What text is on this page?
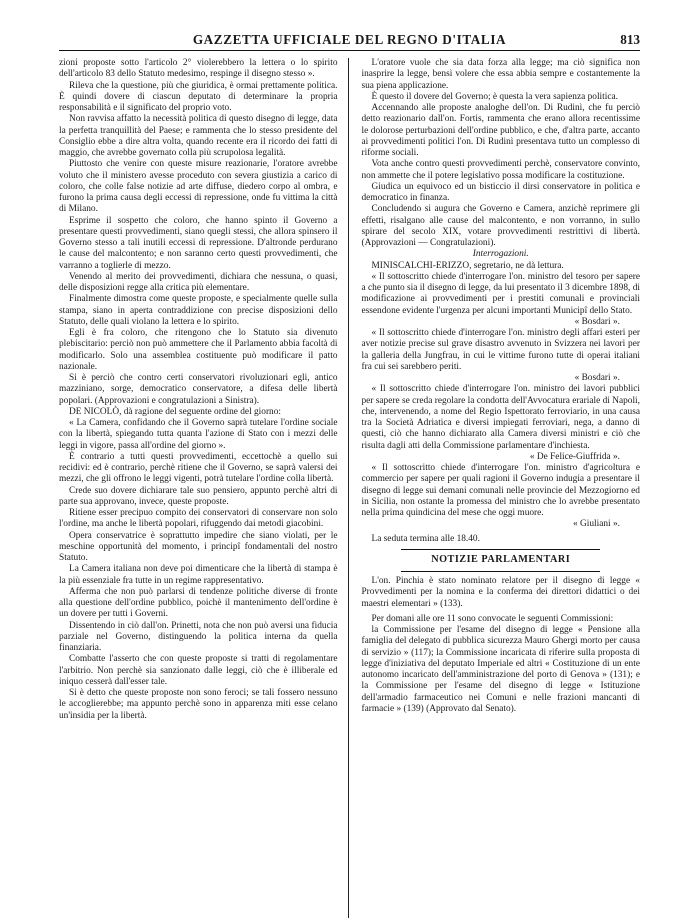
GAZZETTA UFFICIALE DEL REGNO D'ITALIA	813

zioni proposte sotto l'articolo 2° violerebbero la lettera o lo spirito dell'articolo 83 dello Statuto medesimo, respinge il disegno stesso ».

Rileva che la questione, più che giuridica, è ormai prettamente politica. È quindi dovere di ciascun deputato di determinare la propria responsabilità e il significato del proprio voto.

Non ravvisa affatto la necessità politica di questo disegno di legge, data la perfetta tranquillità del Paese; e rammenta che lo stesso presidente del Consiglio ebbe a dire altra volta, quando recente era il ricordo dei fatti di maggio, che avrebbe governato colla più scrupolosa legalità.

Piuttosto che venire con queste misure reazionarie, l'oratore avrebbe voluto che il ministero avesse proceduto con severa giustizia a carico di coloro, che colle false notizie ad arte diffuse, diedero corpo al ombra, e furono la prima causa degli eccessi di repressione, onde fu vittima la città di Milano.

Esprime il sospetto che coloro, che hanno spinto il Governo a presentare questi provvedimenti, siano quegli stessi, che allora spinsero il Governo stesso a tali inutili eccessi di repressione. D'altronde perdurano le cause del malcontento; e non saranno certo questi provvedimenti, che varranno a toglierle di mezzo.

Venendo al merito dei provvedimenti, dichiara che nessuna, o quasi, delle disposizioni regge alla critica più elementare.

Finalmente dimostra come queste proposte, e specialmente quelle sulla stampa, siano in aperta contraddizione con precise disposizioni dello Statuto, delle quali violano la lettera e lo spirito.

Egli è fra coloro, che ritengono che lo Statuto sia divenuto plebiscitario: perciò non può ammettere che il Parlamento abbia facoltà di modificarlo. Solo una assemblea costituente può modificare il patto nazionale.

Si è perciò che contro certi conservatori rivoluzionari egli, antico mazziniano, sorge, democratico conservatore, a difesa delle libertà popolari. (Approvazioni e congratulazioni a Sinistra).

DE NICOLÒ, dà ragione del seguente ordine del giorno:

« La Camera, confidando che il Governo saprà tutelare l'ordine sociale con la libertà, spiegando tutta quanta l'azione di Stato con i mezzi delle leggi in vigore, passa all'ordine del giorno ».

È contrario a tutti questi provvedimenti, eccettochè a quello sui recidivi: ed è contrario, perchè ritiene che il Governo, se saprà valersi dei mezzi, che gli offrono le leggi vigenti, potrà tutelare l'ordine colla libertà.

Crede suo dovere dichiarare tale suo pensiero, appunto perchè altri di parte sua approvano, invece, queste proposte.

Ritiene esser precipuo compito dei conservatori di conservare non solo l'ordine, ma anche le libertà popolari, rifuggendo dai metodi giacobini.

Opera conservatrice è soprattutto impedire che siano violati, per le meschine opportunità del momento, i principî fondamentali del nostro Statuto.

La Camera italiana non deve poi dimenticare che la libertà di stampa è la più essenziale fra tutte in un regime rappresentativo.

Afferma che non può parlarsi di tendenze politiche diverse di fronte alla questione dell'ordine pubblico, poichè il mantenimento dell'ordine è un dovere per tutti i Governi.

Dissentendo in ciò dall'on. Prinetti, nota che non può aversi una fiducia parziale nel Governo, distinguendo la politica interna da quella finanziaria.

Combatte l'asserto che con queste proposte si tratti di regolamentare l'arbitrio. Non perchè sia sanzionato dalle leggi, ciò che è illiberale ed iniquo cesserà dall'esser tale.

Si è detto che queste proposte non sono feroci; se tali fossero nessuno le accoglierebbe; ma appunto perchè sono in apparenza miti esse celano un'insidia per la libertà.

L'oratore vuole che sia data forza alla legge; ma ciò significa non inasprire la legge, bensì volere che essa abbia sempre e costantemente la sua piena applicazione.

È questo il dovere del Governo; è questa la vera sapienza politica.

Accennando alle proposte analoghe dell'on. Di Rudinì, che fu perciò detto reazionario dall'on. Fortis, rammenta che erano allora recentissime le dolorose perturbazioni dell'ordine pubblico, e che, d'altra parte, accanto ai provvedimenti politici l'on. Di Rudinì presentava tutto un complesso di riforme sociali.

Vota anche contro questi provvedimenti perchè, conservatore convinto, non ammette che il potere legislativo possa modificare la costituzione.

Giudica un equivoco ed un bisticcio il dirsi conservatore in politica e democratico in finanza.

Concludendo si augura che Governo e Camera, anzichè reprimere gli effetti, risalgano alle cause del malcontento, e non vorranno, in sullo spirare del secolo XIX, votare provvedimenti restrittivi di libertà. (Approvazioni — Congratulazioni).

Interrogazioni.

MINISCALCHI-ERIZZO, segretario, ne dà lettura.

« Il sottoscritto chiede d'interrogare l'on. ministro del tesoro per sapere a che punto sia il disegno di legge, da lui presentato il 3 dicembre 1898, di modificazione ai provvedimenti per i prestiti comunali e provinciali essendone evidente l'urgenza per alcuni importanti Municipî dello Stato.

« Bosdari ».

« Il sottoscritto chiede d'interrogare l'on. ministro degli affari esteri per aver notizie precise sul grave disastro avvenuto in Svizzera nei lavori per la galleria della Jungfrau, in cui le vittime furono tutte di operai italiani fra cui sei sarebbero periti.

« Bosdari ».

« Il sottoscritto chiede d'interrogare l'on. ministro dei lavori pubblici per sapere se creda regolare la condotta dell'Avvocatura erariale di Napoli, che, intervenendo, a nome del Regio Ispettorato ferroviario, in una causa tra la Società Adriatica e diversi impiegati ferroviari, nega, a danno di questi, ciò che hanno dichiarato alla Camera diversi ministri e ciò che risulta dagli atti della Commissione parlamentare d'inchiesta.

« De Felice-Giuffrida ».

« Il sottoscritto chiede d'interrogare l'on. ministro d'agricoltura e commercio per sapere per quali ragioni il Governo indugia a presentare il disegno di legge sui demani comunali nelle provincie del Mezzogiorno ed in Sicilia, non ostante la promessa del ministro che lo avrebbe presentato nella prima quindicina del mese che oggi muore.

« Giuliani ».

La seduta termina alle 18.40.

NOTIZIE PARLAMENTARI

L'on. Pinchia è stato nominato relatore per il disegno di legge « Provvedimenti per la nomina e la conferma dei direttori didattici o dei maestri elementari » (133).

Per domani alle ore 11 sono convocate le seguenti Commissioni:

la Commissione per l'esame del disegno di legge « Pensione alla famiglia del delegato di pubblica sicurezza Mauro Ghergi morto per causa di servizio » (117); la Commissione incaricata di riferire sulla proposta di legge d'iniziativa del deputato Imperiale ed altri « Costituzione di un ente autonomo incaricato dell'amministrazione del porto di Genova » (131); e la Commissione per l'esame del disegno di legge « Istituzione dell'armadio farmaceutico nei Comuni e nelle frazioni mancanti di farmacie » (139) (Approvato dal Senato).
